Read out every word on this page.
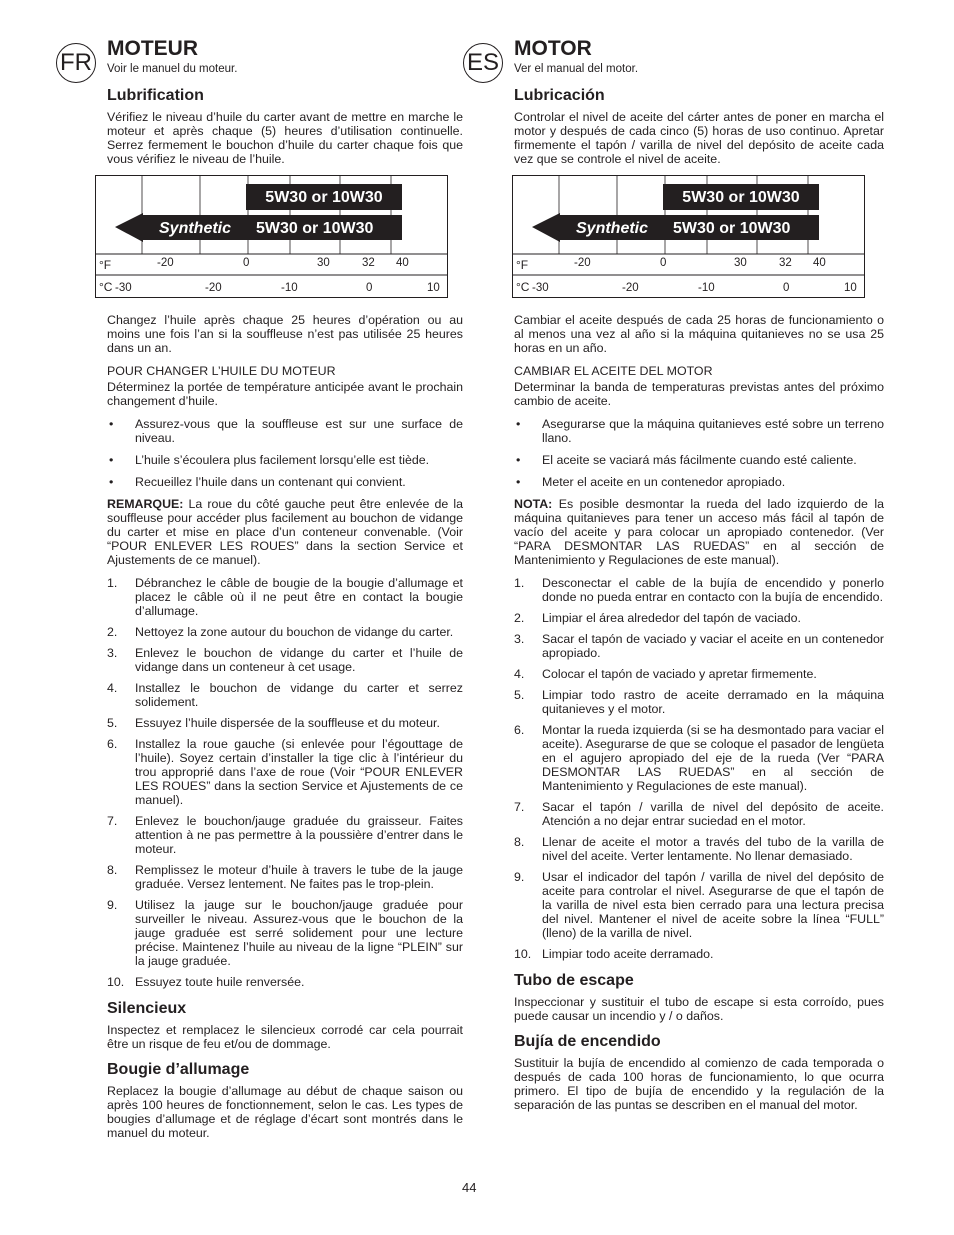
FR
MOTEUR
Voir le manuel du moteur.
Lubrification

Vérifiez le niveau d’huile du carter avant de mettre en marche le moteur et après chaque (5) heures d’utilisation continuelle. Serrez fermement le bouchon d’huile du carter chaque fois que vous vérifiez le niveau de l’huile.

5W30 or 10W30
Synthetic 5W30 or 10W30
°F
°C
-20	0	30	32 40
-30	-20	-10	0	10

Changez l’huile après chaque 25 heures d’opération ou au moins une fois l’an si la souffleuse n’est pas utilisée 25 heures dans un an.

POUR CHANGER L’HUILE DU MOTEUR

Déterminez la portée de température anticipée avant le prochain changement d’huile.

• Assurez-vous que la souffleuse est sur une surface de niveau.
• L’huile s’écoulera plus facilement lorsqu’elle est tiède.
• Recueillez l’huile dans un contenant qui convient.

REMARQUE: La roue du côté gauche peut être enlevée de la souffleuse pour accéder plus facilement au bouchon de vidange du carter et mise en place d’un conteneur convenable. (Voir “POUR ENLEVER LES ROUES” dans la section Service et Ajustements de ce manuel).

1. Débranchez le câble de bougie de la bougie d’allumage et placez le câble où il ne peut être en contact la bougie d’allumage.
2. Nettoyez la zone autour du bouchon de vidange du carter.
3. Enlevez le bouchon de vidange du carter et l’huile de vidange dans un conteneur à cet usage.
4. Installez le bouchon de vidange du carter et serrez solidement.
5. Essuyez l’huile dispersée de la souffleuse et du moteur.
6. Installez la roue gauche (si enlevée pour l’égouttage de l’huile). Soyez certain d’installer la tige clic à l’intérieur du trou approprié dans l’axe de roue (Voir “POUR ENLEVER LES ROUES” dans la section Service et Ajustements de ce manuel).
7. Enlevez le bouchon/jauge graduée du graisseur. Faites attention à ne pas permettre à la poussière d’entrer dans le moteur.
8. Remplissez le moteur d’huile à travers le tube de la jauge graduée. Versez lentement. Ne faites pas le trop-plein.
9. Utilisez la jauge sur le bouchon/jauge graduée pour surveiller le niveau. Assurez-vous que le bouchon de la jauge graduée est serré solidement pour une lecture précise. Maintenez l’huile au niveau de la ligne “PLEIN” sur la jauge graduée.
10. Essuyez toute huile renversée.
Silencieux

Inspectez et remplacez le silencieux corrodé car cela pourrait être un risque de feu et/ou de dommage.

Bougie d’allumage

Replacez la bougie d’allumage au début de chaque saison ou après 100 heures de fonctionnement, selon le cas. Les types de bougies d’allumage et de réglage d’écart sont montrés dans le manuel du moteur.

ES
MOTOR
Ver el manual del motor.
Lubricación

Controlar el nivel de aceite del cárter antes de poner en marcha el motor y después de cada cinco (5) horas de uso continuo. Apretar firmemente el tapón / varilla de nivel del depósito de aceite cada vez que se controle el nivel de aceite.

5W30 or 10W30
Synthetic 5W30 or 10W30
°F
°C
-20	0	30	32 40
-30	-20	-10	0	10

Cambiar el aceite después de cada 25 horas de funcionamiento o al menos una vez al año si la máquina quitanieves no se usa 25 horas en un año.

CAMBIAR EL ACEITE DEL MOTOR

Determinar la banda de temperaturas previstas antes del próximo cambio de aceite.

• Asegurarse que la máquina quitanieves esté sobre un terreno llano.
• El aceite se vaciará más fácilmente cuando esté caliente.
• Meter el aceite en un contenedor apropiado.

NOTA: Es posible desmontar la rueda del lado izquierdo de la máquina quitanieves para tener un acceso más fácil al tapón de vacío del aceite y para colocar un apropiado contenedor. (Ver “PARA DESMONTAR LAS RUEDAS” en al sección de Mantenimiento y Regulaciones de este manual).

1. Desconectar el cable de la bujía de encendido y ponerlo donde no pueda entrar en contacto con la bujía de encendido.
2. Limpiar el área alrededor del tapón de vaciado.
3. Sacar el tapón de vaciado y vaciar el aceite en un contenedor apropiado.
4. Colocar el tapón de vaciado y apretar firmemente.
5. Limpiar todo rastro de aceite derramado en la máquina quitanieves y el motor.
6. Montar la rueda izquierda (si se ha desmontado para vaciar el aceite). Asegurarse de que se coloque el pasador de lengüeta en el agujero apropiado del eje de la rueda (Ver “PARA DESMONTAR LAS RUEDAS” en al sección de Mantenimiento y Regulaciones de este manual).
7. Sacar el tapón / varilla de nivel del depósito de aceite. Atención a no dejar entrar suciedad en el motor.
8. Llenar de aceite el motor a través del tubo de la varilla de nivel del aceite. Verter lentamente. No llenar demasiado.
9. Usar el indicador del tapón / varilla de nivel del depósito de aceite para controlar el nivel. Asegurarse de que el tapón de la varilla de nivel esta bien cerrado para una lectura precisa del nivel. Mantener el nivel de aceite sobre la línea “FULL” (lleno) de la varilla de nivel.
10. Limpiar todo aceite derramado.
Tubo de escape

Inspeccionar y sustituir el tubo de escape si esta corroído, pues puede causar un incendio y / o daños.

Bujía de encendido

Sustituir la bujía de encendido al comienzo de cada temporada o después de cada 100 horas de funcionamiento, lo que ocurra primero. El tipo de bujía de encendido y la regulación de la separación de las puntas se describen en el manual del motor.

44
